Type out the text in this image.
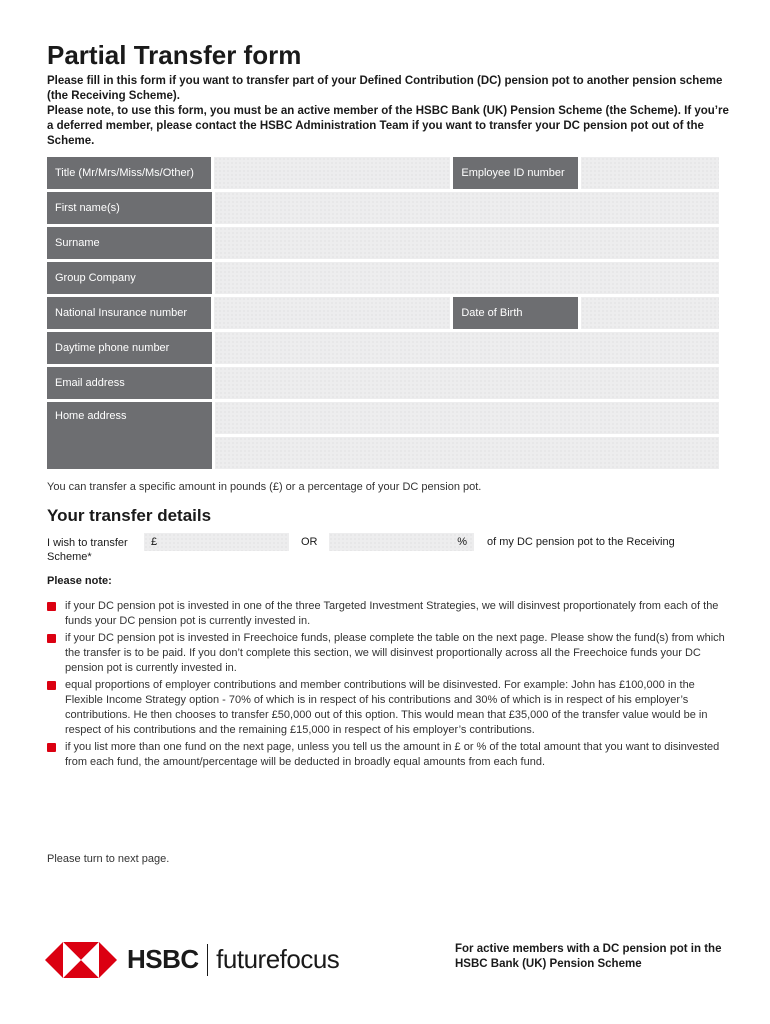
Partial Transfer form
Please fill in this form if you want to transfer part of your Defined Contribution (DC) pension pot to another pension scheme (the Receiving Scheme).
Please note, to use this form, you must be an active member of the HSBC Bank (UK) Pension Scheme (the Scheme). If you’re a deferred member, please contact the HSBC Administration Team if you want to transfer your DC pension pot out of the Scheme.
Title (Mr/Mrs/Miss/Ms/Other)	Employee ID number
First name(s)
Surname
Group Company
National Insurance number	Date of Birth
Daytime phone number
Email address
Home address
You can transfer a specific amount in pounds (£) or a percentage of your DC pension pot.
Your transfer details
I wish to transfer Scheme*
£	OR	%	of my DC pension pot to the Receiving
Please note:
if your DC pension pot is invested in one of the three Targeted Investment Strategies, we will disinvest proportionately from each of the funds your DC pension pot is currently invested in.
if your DC pension pot is invested in Freechoice funds, please complete the table on the next page. Please show the fund(s) from which the transfer is to be paid. If you don’t complete this section, we will disinvest proportionally across all the Freechoice funds your DC pension pot is currently invested in.
equal proportions of employer contributions and member contributions will be disinvested. For example: John has £100,000 in the Flexible Income Strategy option - 70% of which is in respect of his contributions and 30% of which is in respect of his employer’s contributions. He then chooses to transfer £50,000 out of this option. This would mean that £35,000 of the transfer value would be in respect of his contributions and the remaining £15,000 in respect of his employer’s contributions.
if you list more than one fund on the next page, unless you tell us the amount in £ or % of the total amount that you want to disinvested from each fund, the amount/percentage will be deducted in broadly equal amounts from each fund.
Please turn to next page.
HSBC futurefocus	For active members with a DC pension pot in the HSBC Bank (UK) Pension Scheme
